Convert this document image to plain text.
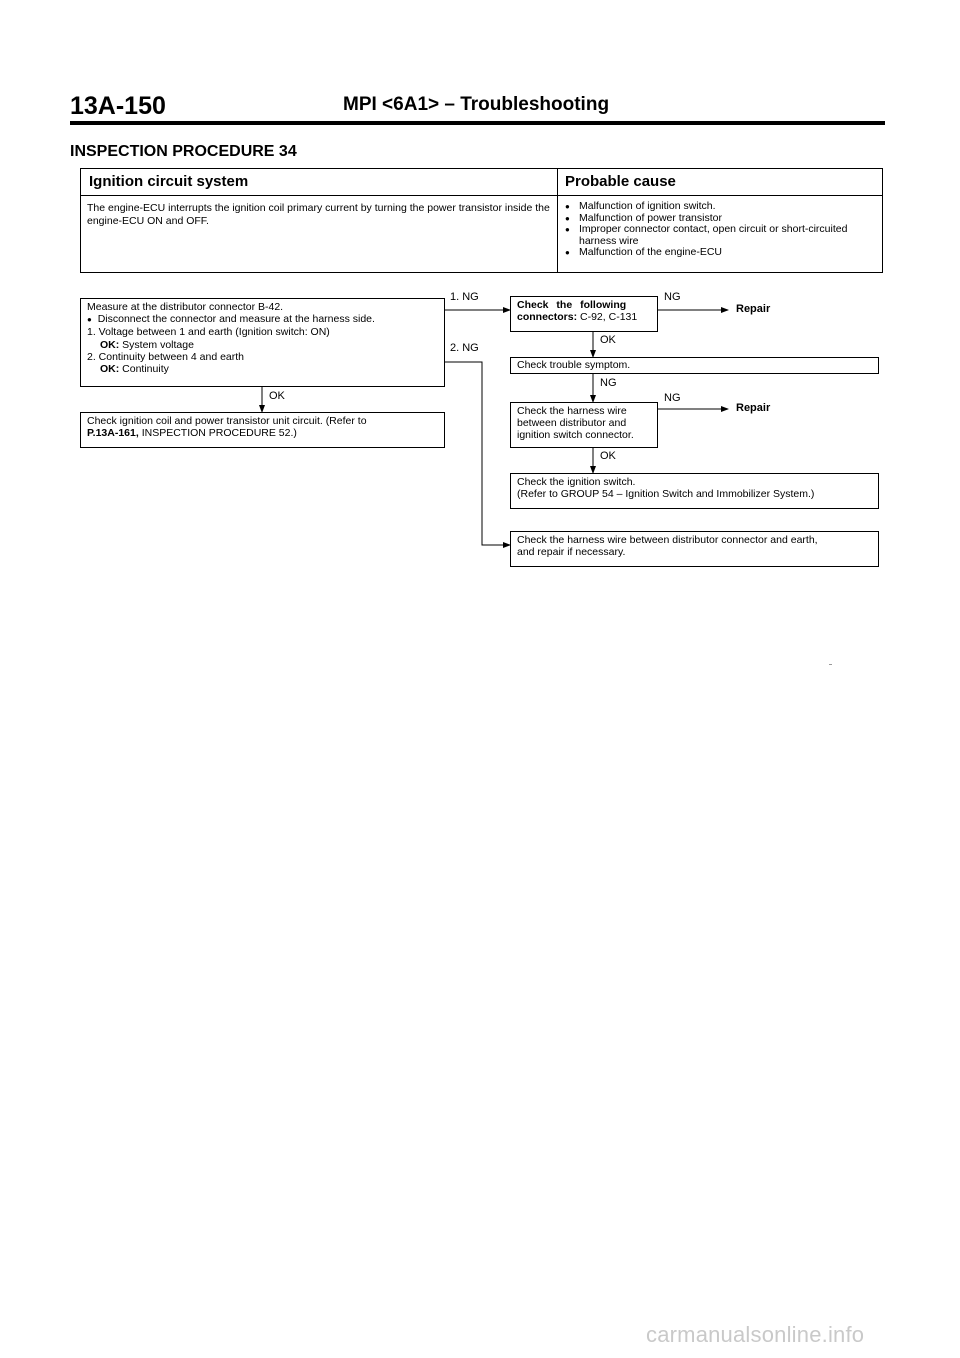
13A-150	MPI <6A1> – Troubleshooting
INSPECTION PROCEDURE 34
Ignition circuit system	Probable cause
The engine-ECU interrupts the ignition coil primary current by turning the power transistor inside the engine-ECU ON and OFF.
● Malfunction of ignition switch.
● Malfunction of power transistor
● Improper connector contact, open circuit or short-circuited harness wire
● Malfunction of the engine-ECU
Measure at the distributor connector B-42.
● Disconnect the connector and measure at the harness side.
1. Voltage between 1 and earth (Ignition switch: ON)
OK: System voltage
2. Continuity between 4 and earth
OK: Continuity
Check ignition coil and power transistor unit circuit. (Refer to
P.13A-161, INSPECTION PROCEDURE 52.)
Check the following
connectors: C-92, C-131
Check trouble symptom.
Check the harness wire
between distributor and
ignition switch connector.
Check the ignition switch.
(Refer to GROUP 54 – Ignition Switch and Immobilizer System.)
Check the harness wire between distributor connector and earth,
and repair if necessary.
1. NG
2. NG
OK
NG
OK
NG
NG
OK
Repair
Repair
carmanualsonline.info
